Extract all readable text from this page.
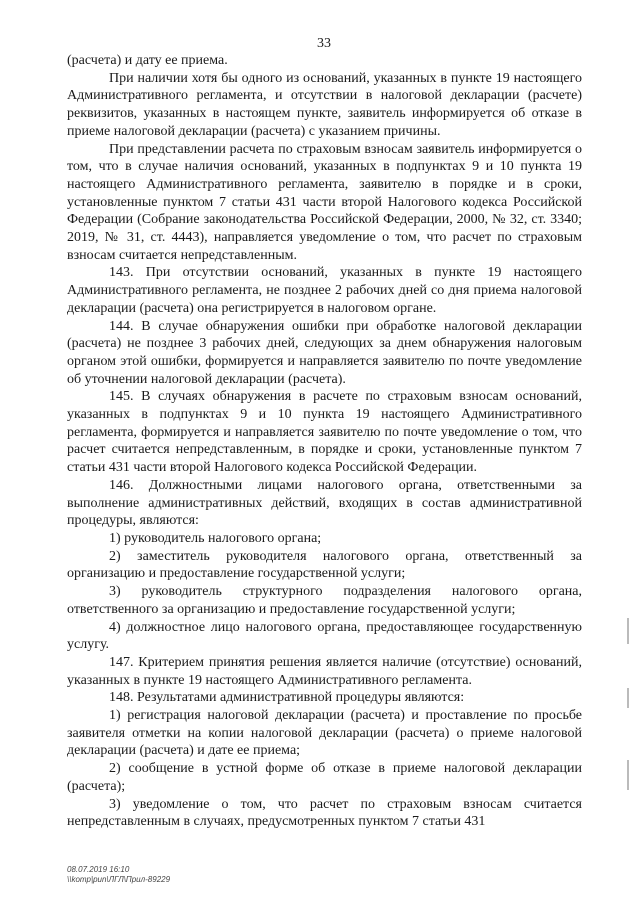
33

(расчета) и дату ее приема.

При наличии хотя бы одного из оснований, указанных в пункте 19 настоящего Административного регламента, и отсутствии в налоговой декларации (расчете) реквизитов, указанных в настоящем пункте, заявитель информируется об отказе в приеме налоговой декларации (расчета) с указанием причины.

При представлении расчета по страховым взносам заявитель информируется о том, что в случае наличия оснований, указанных в подпунктах 9 и 10 пункта 19 настоящего Административного регламента, заявителю в порядке и в сроки, установленные пунктом 7 статьи 431 части второй Налогового кодекса Российской Федерации (Собрание законодательства Российской Федерации, 2000, № 32, ст. 3340; 2019, № 31, ст. 4443), направляется уведомление о том, что расчет по страховым взносам считается непредставленным.

143. При отсутствии оснований, указанных в пункте 19 настоящего Административного регламента, не позднее 2 рабочих дней со дня приема налоговой декларации (расчета) она регистрируется в налоговом органе.

144. В случае обнаружения ошибки при обработке налоговой декларации (расчета) не позднее 3 рабочих дней, следующих за днем обнаружения налоговым органом этой ошибки, формируется и направляется заявителю по почте уведомление об уточнении налоговой декларации (расчета).

145. В случаях обнаружения в расчете по страховым взносам оснований, указанных в подпунктах 9 и 10 пункта 19 настоящего Административного регламента, формируется и направляется заявителю по почте уведомление о том, что расчет считается непредставленным, в порядке и сроки, установленные пунктом 7 статьи 431 части второй Налогового кодекса Российской Федерации.

146. Должностными лицами налогового органа, ответственными за выполнение административных действий, входящих в состав административной процедуры, являются:

1) руководитель налогового органа;

2) заместитель руководителя налогового органа, ответственный за организацию и предоставление государственной услуги;

3) руководитель структурного подразделения налогового органа, ответственного за организацию и предоставление государственной услуги;

4) должностное лицо налогового органа, предоставляющее государственную услугу.

147. Критерием принятия решения является наличие (отсутствие) оснований, указанных в пункте 19 настоящего Административного регламента.

148. Результатами административной процедуры являются:

1) регистрация налоговой декларации (расчета) и проставление по просьбе заявителя отметки на копии налоговой декларации (расчета) о приеме налоговой декларации (расчета) и дате ее приема;

2) сообщение в устной форме об отказе в приеме налоговой декларации (расчета);

3) уведомление о том, что расчет по страховым взносам считается непредставленным в случаях, предусмотренных пунктом 7 статьи 431

08.07.2019 16:10
\\komp|pun\ЛГЛ\Прил-89229
